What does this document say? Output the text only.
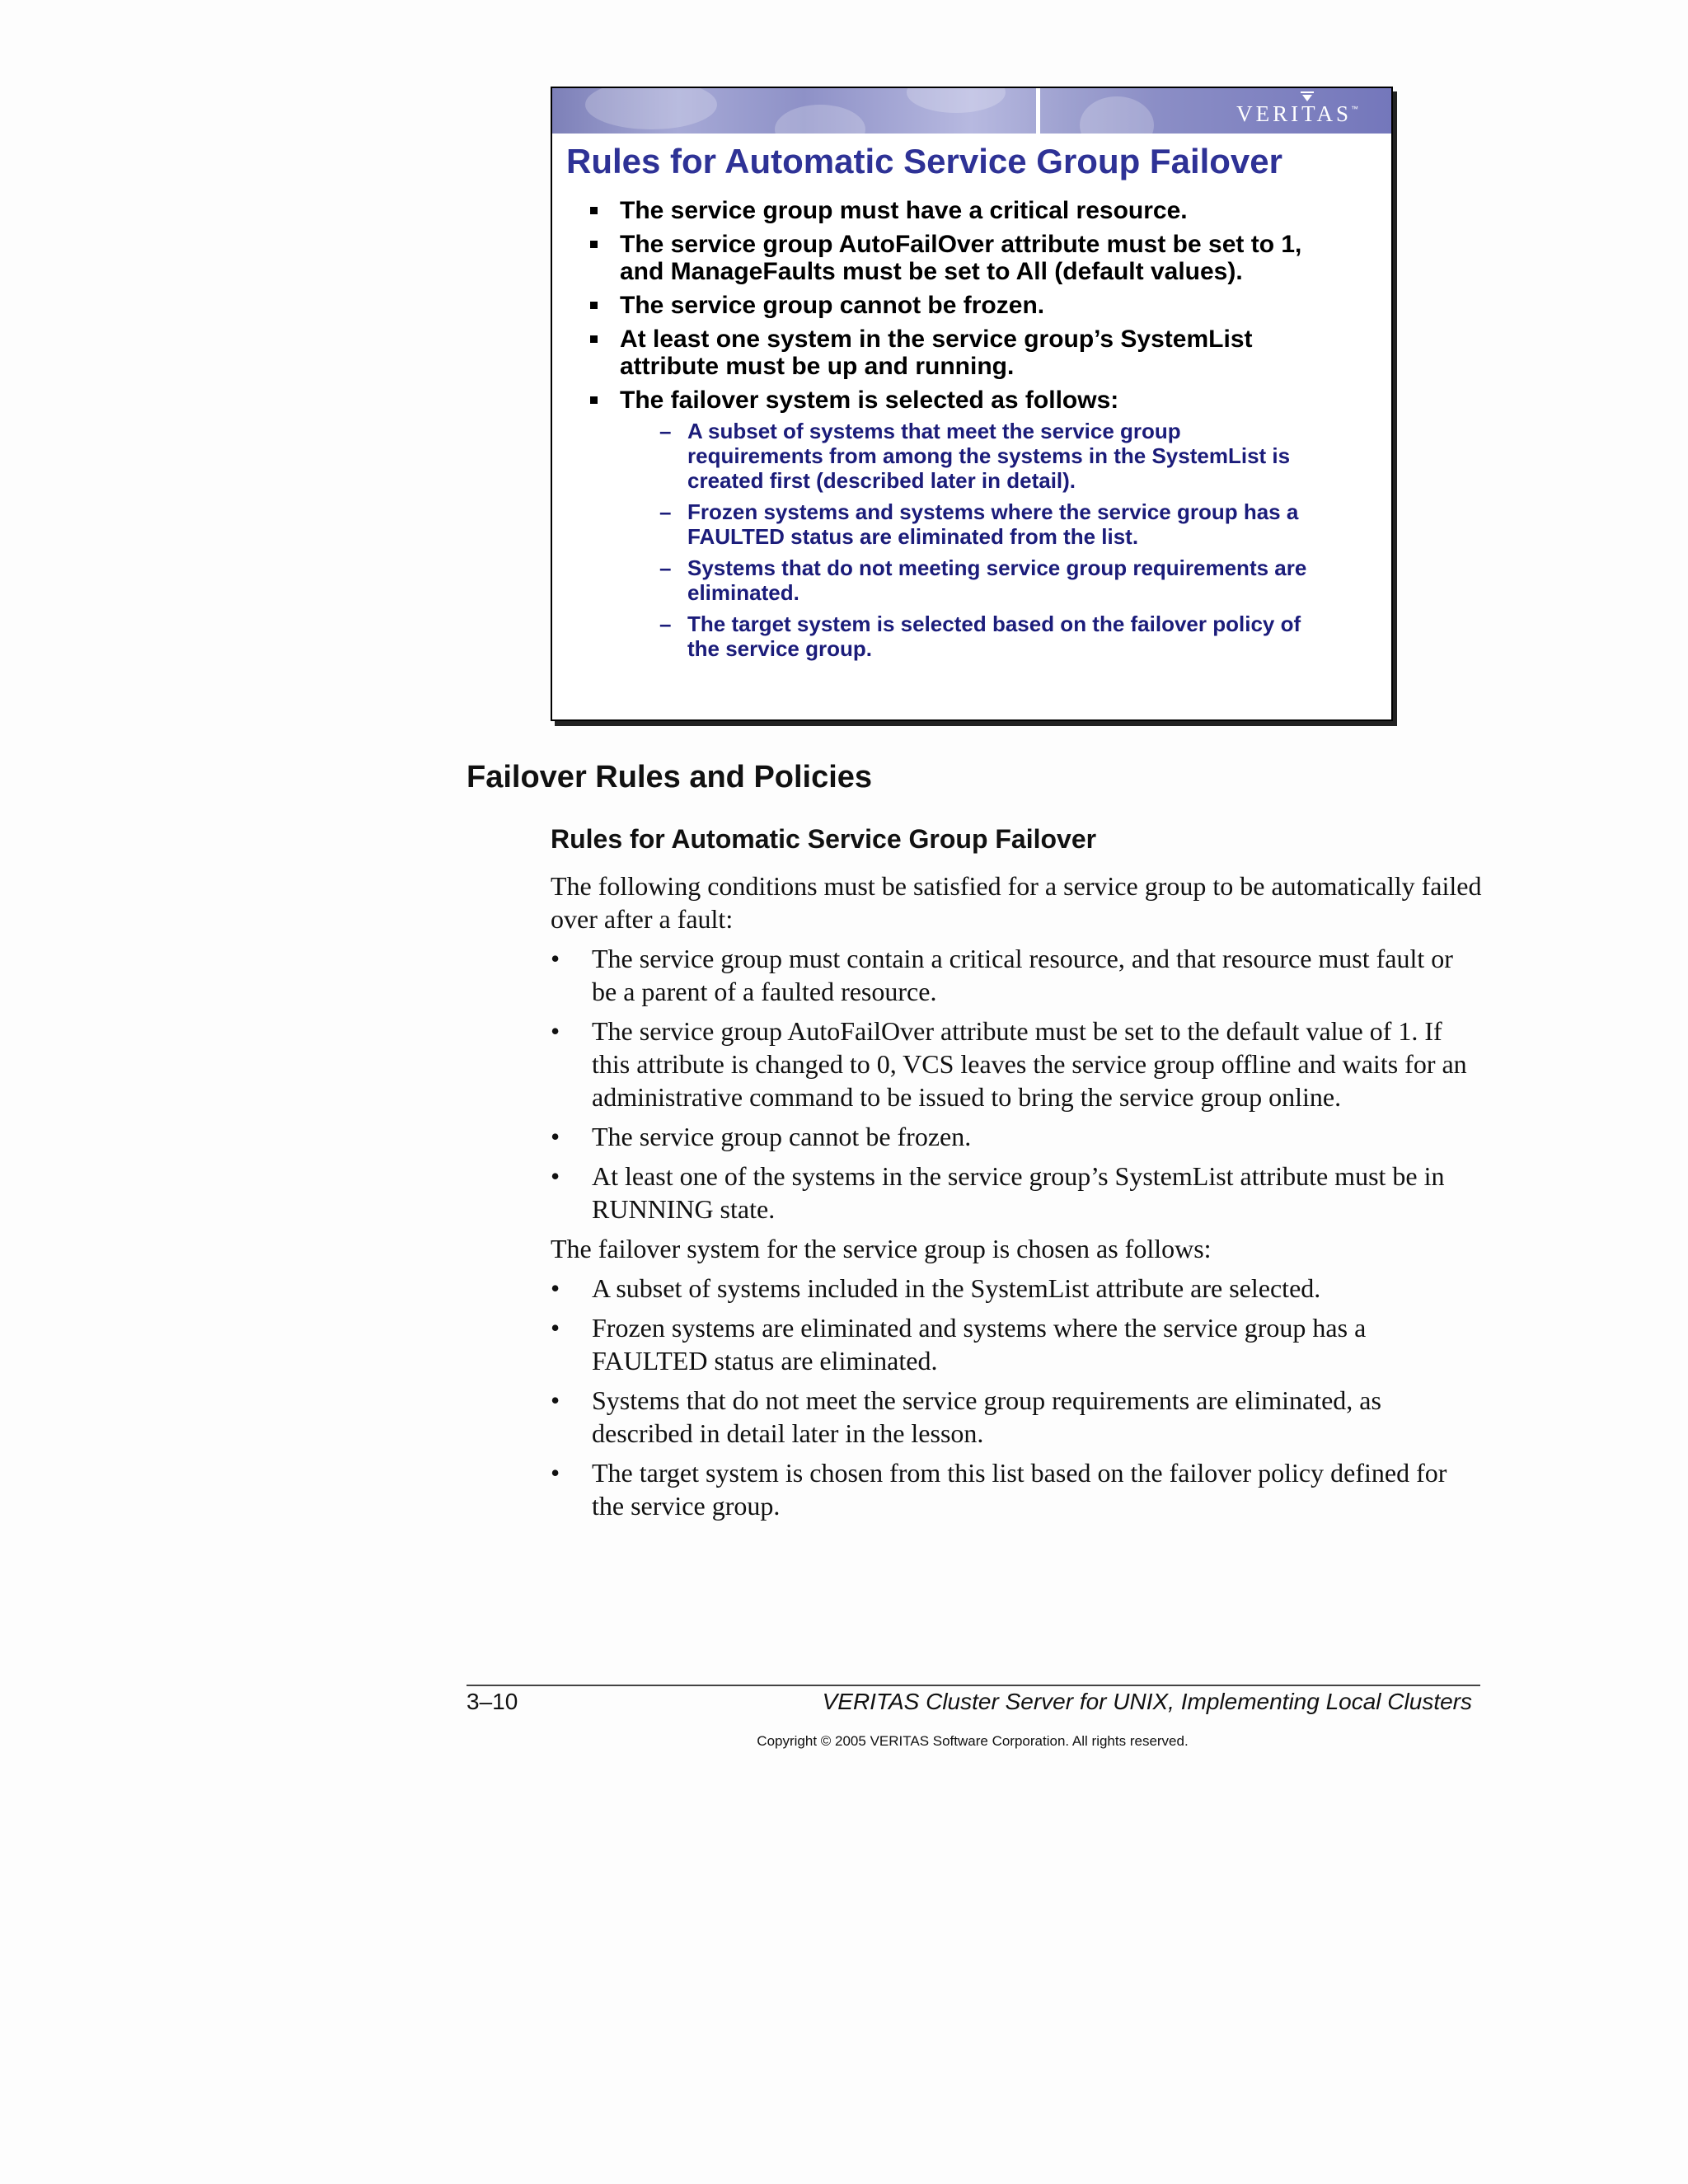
VERITAS ™
Rules for Automatic Service Group Failover
The service group must have a critical resource.
The service group AutoFailOver attribute must be set to 1, and ManageFaults must be set to All (default values).
The service group cannot be frozen.
At least one system in the service group’s SystemList attribute must be up and running.
The failover system is selected as follows:
– A subset of systems that meet the service group requirements from among the systems in the SystemList is created first (described later in detail).
– Frozen systems and systems where the service group has a FAULTED status are eliminated from the list.
– Systems that do not meeting service group requirements are eliminated.
– The target system is selected based on the failover policy of the service group.
Failover Rules and Policies
Rules for Automatic Service Group Failover

The following conditions must be satisfied for a service group to be automatically failed over after a fault:

• The service group must contain a critical resource, and that resource must fault or be a parent of a faulted resource.
• The service group AutoFailOver attribute must be set to the default value of 1. If this attribute is changed to 0, VCS leaves the service group offline and waits for an administrative command to be issued to bring the service group online.
• The service group cannot be frozen.
• At least one of the systems in the service group’s SystemList attribute must be in RUNNING state.

The failover system for the service group is chosen as follows:

• A subset of systems included in the SystemList attribute are selected.
• Frozen systems are eliminated and systems where the service group has a FAULTED status are eliminated.
• Systems that do not meet the service group requirements are eliminated, as described in detail later in the lesson.
• The target system is chosen from this list based on the failover policy defined for the service group.
3–10	VERITAS Cluster Server for UNIX, Implementing Local Clusters
Copyright © 2005 VERITAS Software Corporation. All rights reserved.
